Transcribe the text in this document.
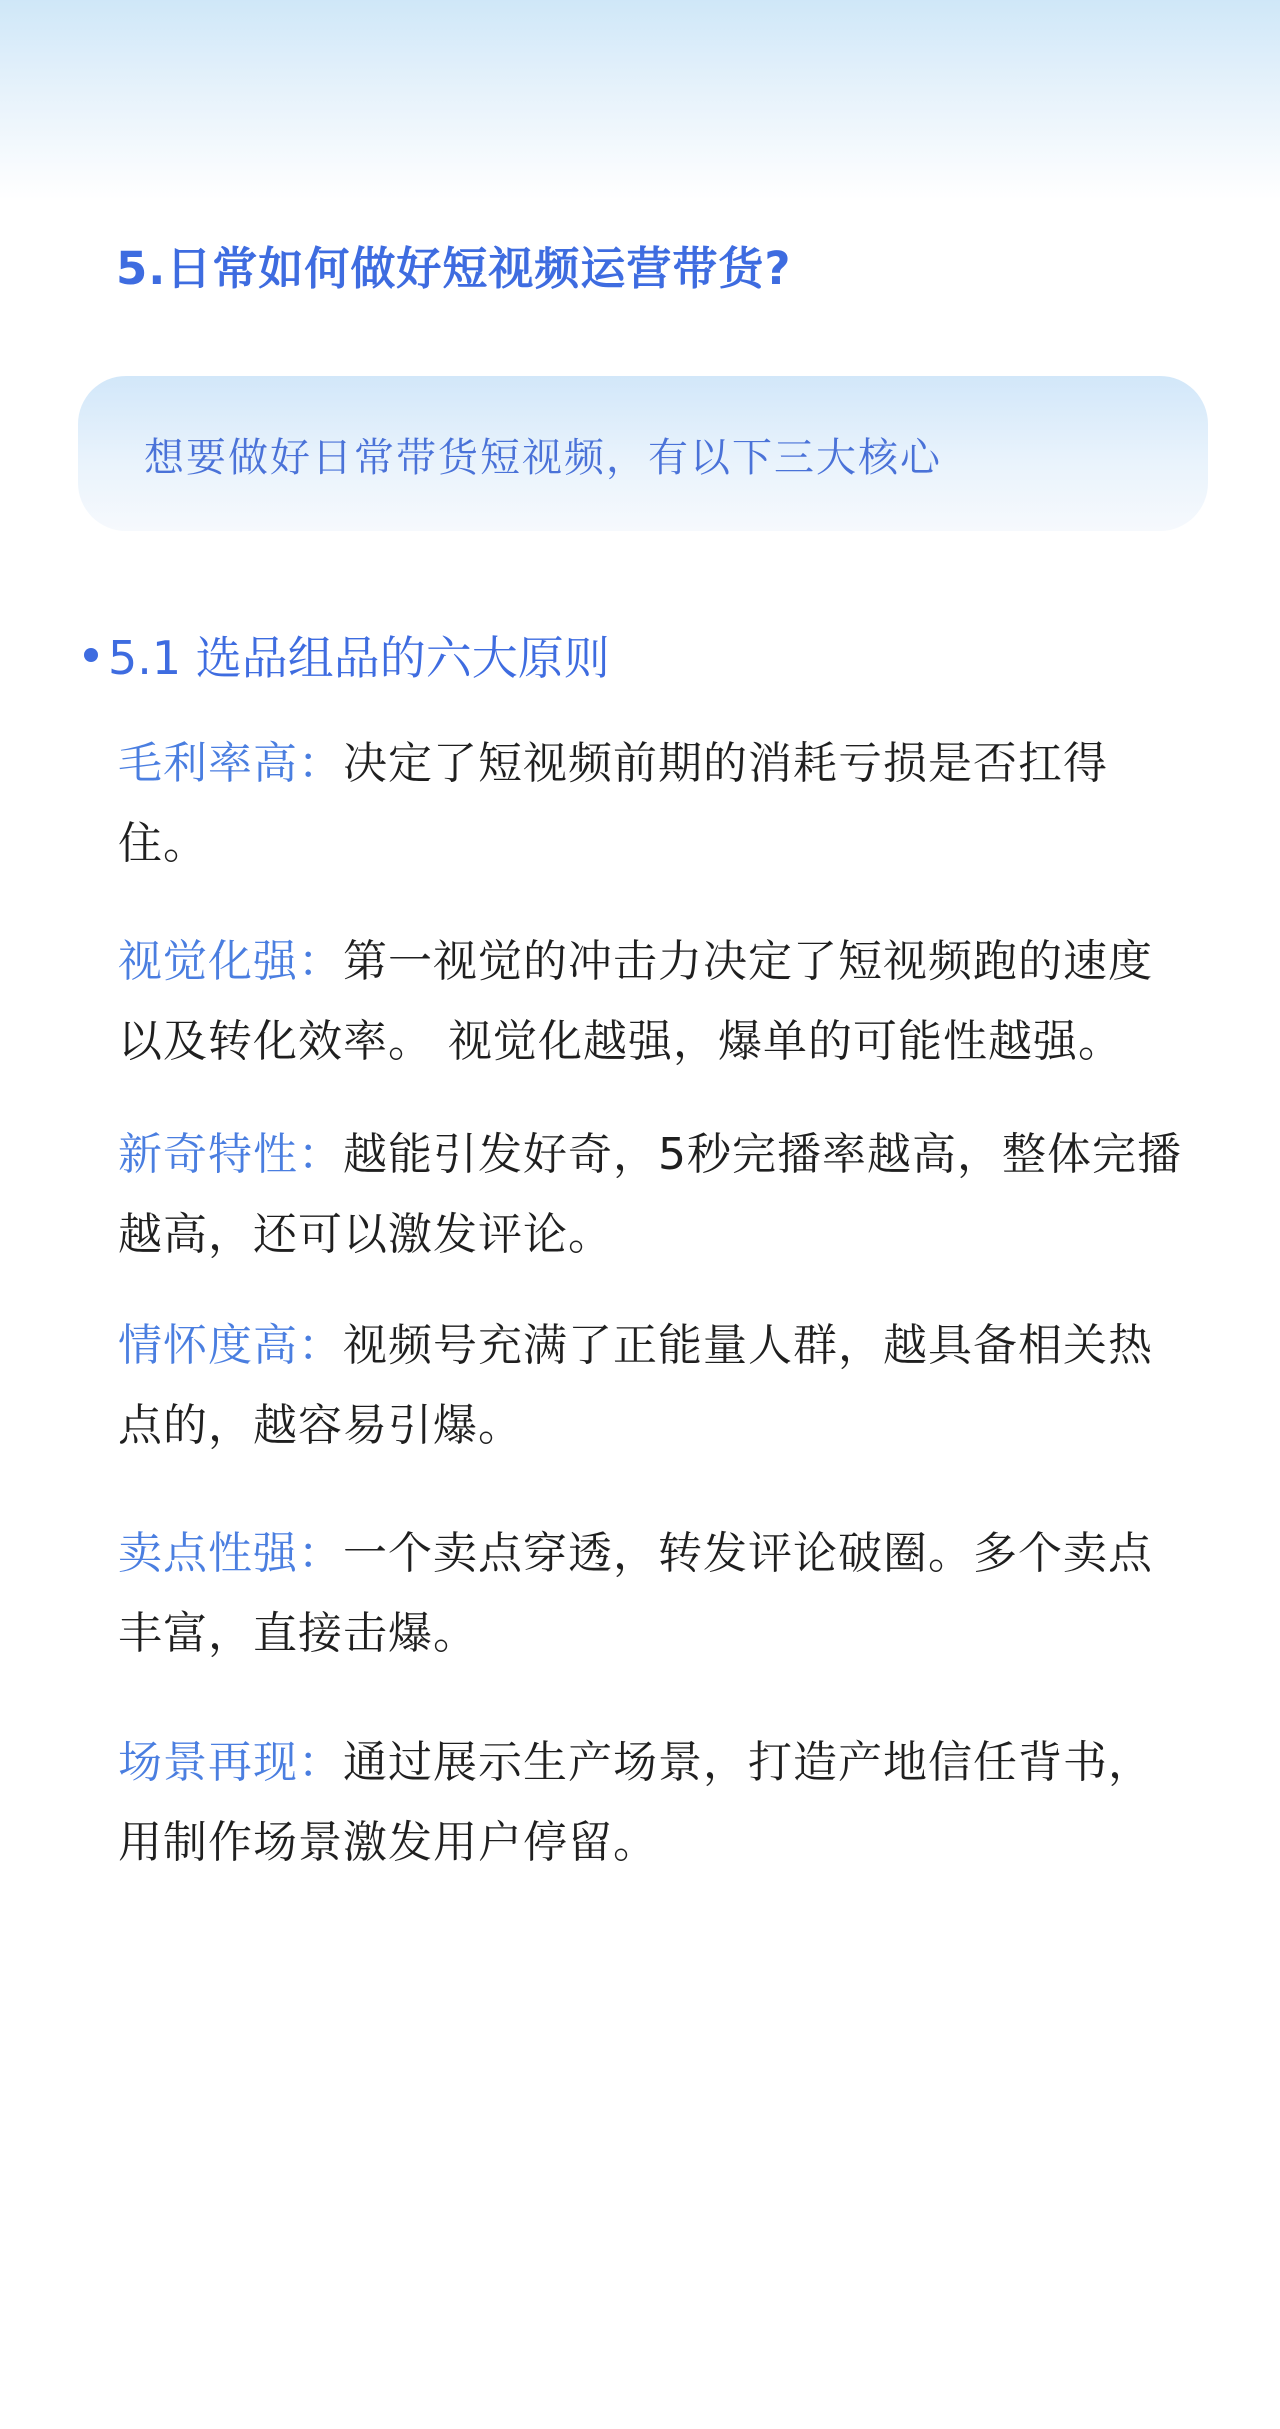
5.日常如何做好短视频运营带货?
想要做好日常带货短视频，有以下三大核心
5.1 选品组品的六大原则
毛利率高：决定了短视频前期的消耗亏损是否扛得住。
视觉化强：第一视觉的冲击力决定了短视频跑的速度以及转化效率。 视觉化越强，爆单的可能性越强。
新奇特性：越能引发好奇，5秒完播率越高，整体完播越高，还可以激发评论。
情怀度高：视频号充满了正能量人群，越具备相关热点的，越容易引爆。
卖点性强：一个卖点穿透，转发评论破圈。多个卖点丰富，直接击爆。
场景再现：通过展示生产场景，打造产地信任背书，用制作场景激发用户停留。
